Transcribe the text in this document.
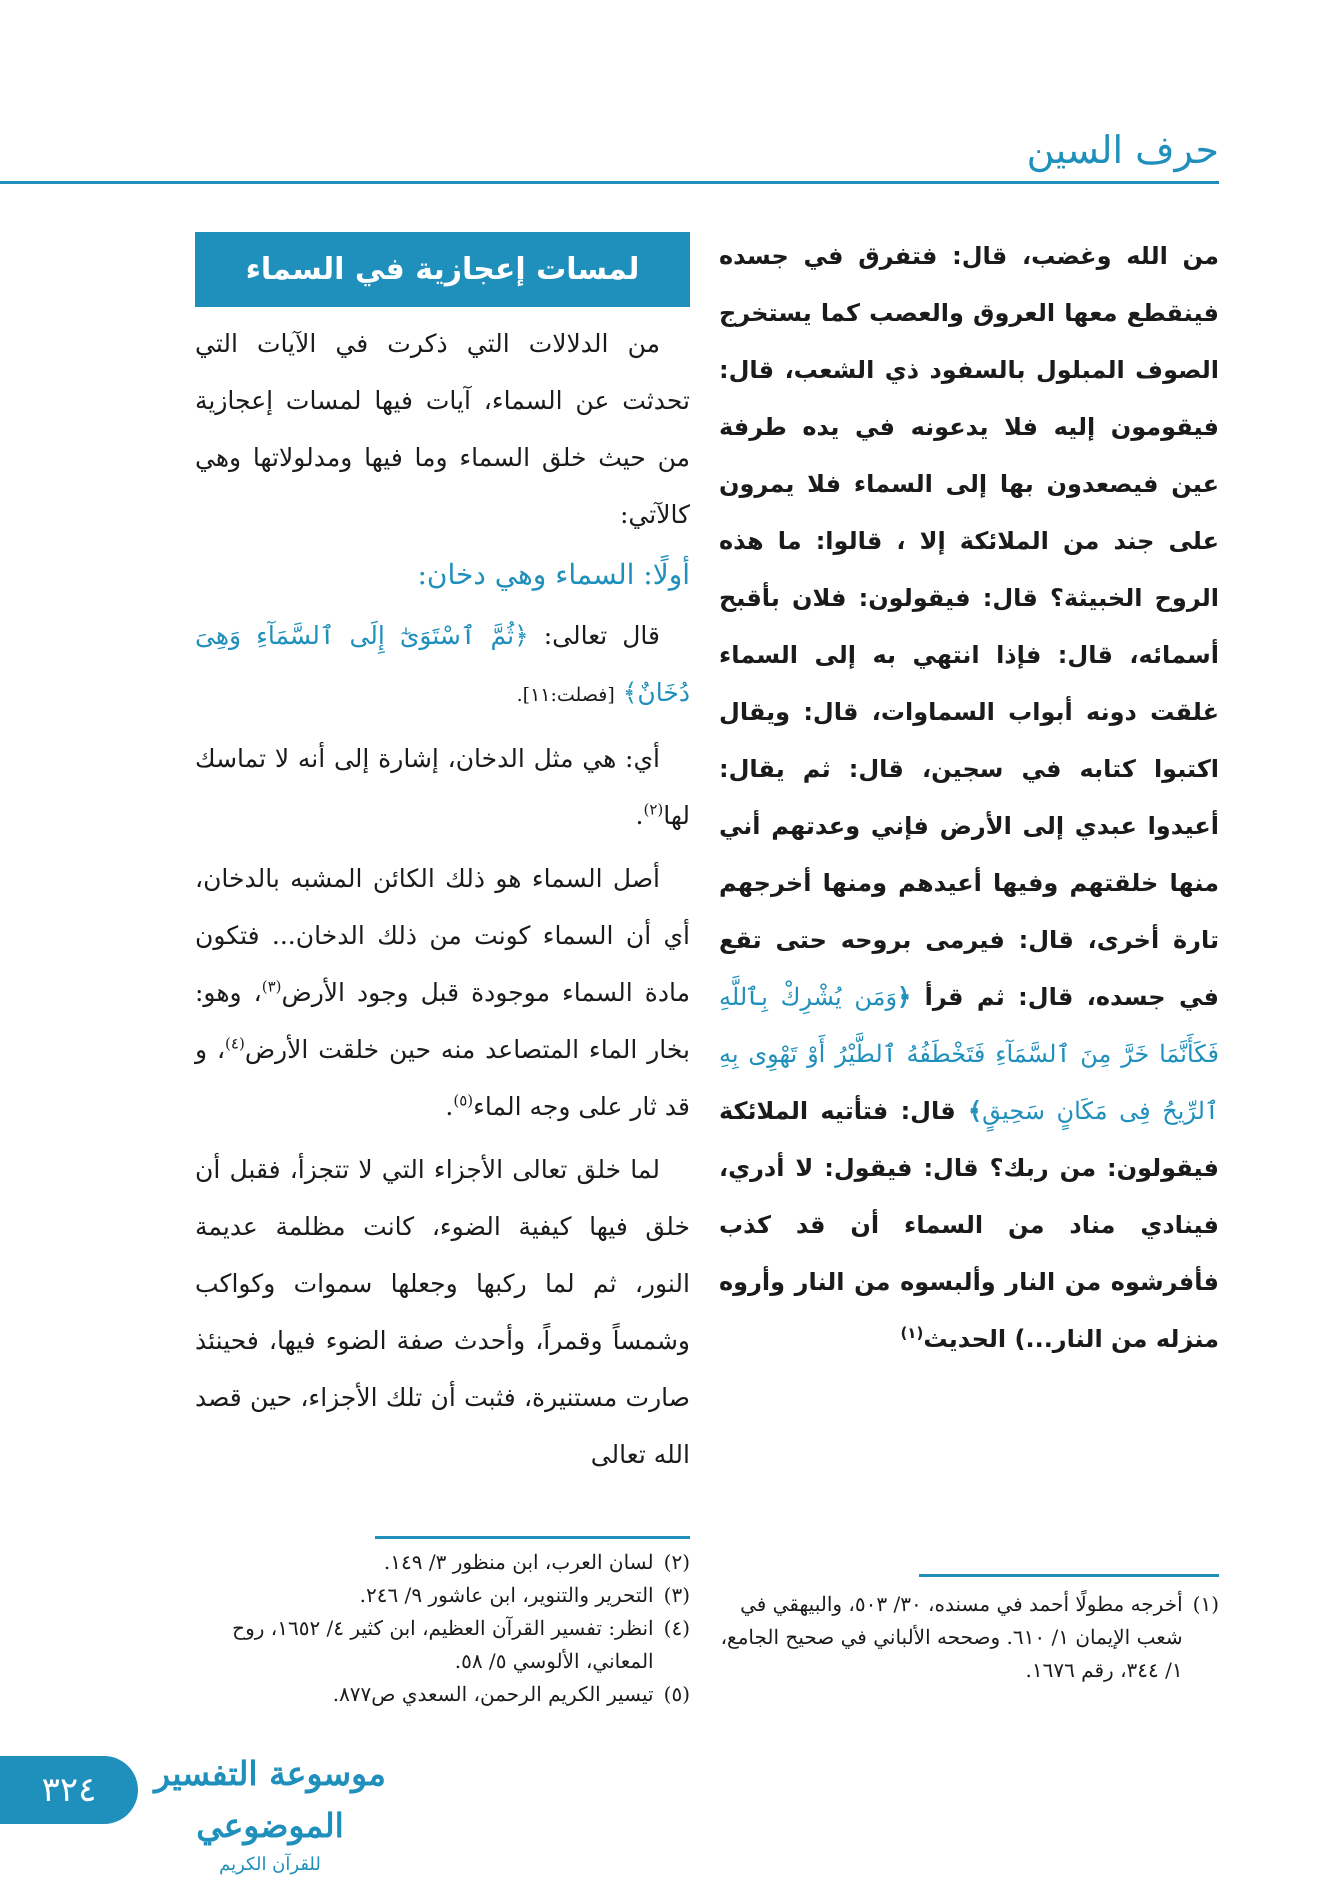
حرف السين

من الله وغضب، قال: فتفرق في جسده فينقطع معها العروق والعصب كما يستخرج الصوف المبلول بالسفود ذي الشعب، قال: فيقومون إليه فلا يدعونه في يده طرفة عين فيصعدون بها إلى السماء فلا يمرون على جند من الملائكة إلا ، قالوا: ما هذه الروح الخبيثة؟ قال: فيقولون: فلان بأقبح أسمائه، قال: فإذا انتهي به إلى السماء غلقت دونه أبواب السماوات، قال: ويقال اكتبوا كتابه في سجين، قال: ثم يقال: أعيدوا عبدي إلى الأرض فإني وعدتهم أني منها خلقتهم وفيها أعيدهم ومنها أخرجهم تارة أخرى، قال: فيرمى بروحه حتى تقع في جسده، قال: ثم قرأ ﴿وَمَن يُشْرِكْ بِٱللَّهِ فَكَأَنَّمَا خَرَّ مِنَ ٱلسَّمَآءِ فَتَخْطَفُهُ ٱلطَّيْرُ أَوْ تَهْوِى بِهِ ٱلرِّيحُ فِى مَكَانٍ سَحِيقٍ﴾ قال: فتأتيه الملائكة فيقولون: من ربك؟ قال: فيقول: لا أدري، فينادي مناد من السماء أن قد كذب فأفرشوه من النار وألبسوه من النار وأروه منزله من النار...) الحديث$^{(١)}$

لمسات إعجازية في السماء

من الدلالات التي ذكرت في الآيات التي تحدثت عن السماء، آيات فيها لمسات إعجازية من حيث خلق السماء وما فيها ومدلولاتها وهي كالآتي:

أولًا: السماء وهي دخان:

قال تعالى: ﴿ثُمَّ ٱسْتَوَىٰٓ إِلَى ٱلسَّمَآءِ وَهِىَ دُخَانٌ﴾ [فصلت:١١].

أي: هي مثل الدخان، إشارة إلى أنه لا تماسك لها$^{(٢)}$.

أصل السماء هو ذلك الكائن المشبه بالدخان، أي أن السماء كونت من ذلك الدخان... فتكون مادة السماء موجودة قبل وجود الأرض$^{(٣)}$، وهو: بخار الماء المتصاعد منه حين خلقت الأرض$^{(٤)}$، و قد ثار على وجه الماء$^{(٥)}$.

لما خلق تعالى الأجزاء التي لا تتجزأ، فقبل أن خلق فيها كيفية الضوء، كانت مظلمة عديمة النور، ثم لما ركبها وجعلها سموات وكواكب وشمساً وقمراً، وأحدث صفة الضوء فيها، فحينئذ صارت مستنيرة، فثبت أن تلك الأجزاء، حين قصد الله تعالى

(٢)
لسان العرب، ابن منظور ٣/ ١٤٩.
(٣)
التحرير والتنوير، ابن عاشور ٩/ ٢٤٦.
(٤)
انظر: تفسير القرآن العظيم، ابن كثير ٤/ ١٦٥٢، روح المعاني، الألوسي ٥/ ٥٨.
(٥)
تيسير الكريم الرحمن، السعدي ص٨٧٧.
(١)
أخرجه مطولًا أحمد في مسنده، ٣٠/ ٥٠٣، والبيهقي في شعب الإيمان ١/ ٦١٠. وصححه الألباني في صحيح الجامع، ١/ ٣٤٤، رقم ١٦٧٦.
٣٢٤ موسوعة التفسير الموضوعي
للقرآن الكريم
